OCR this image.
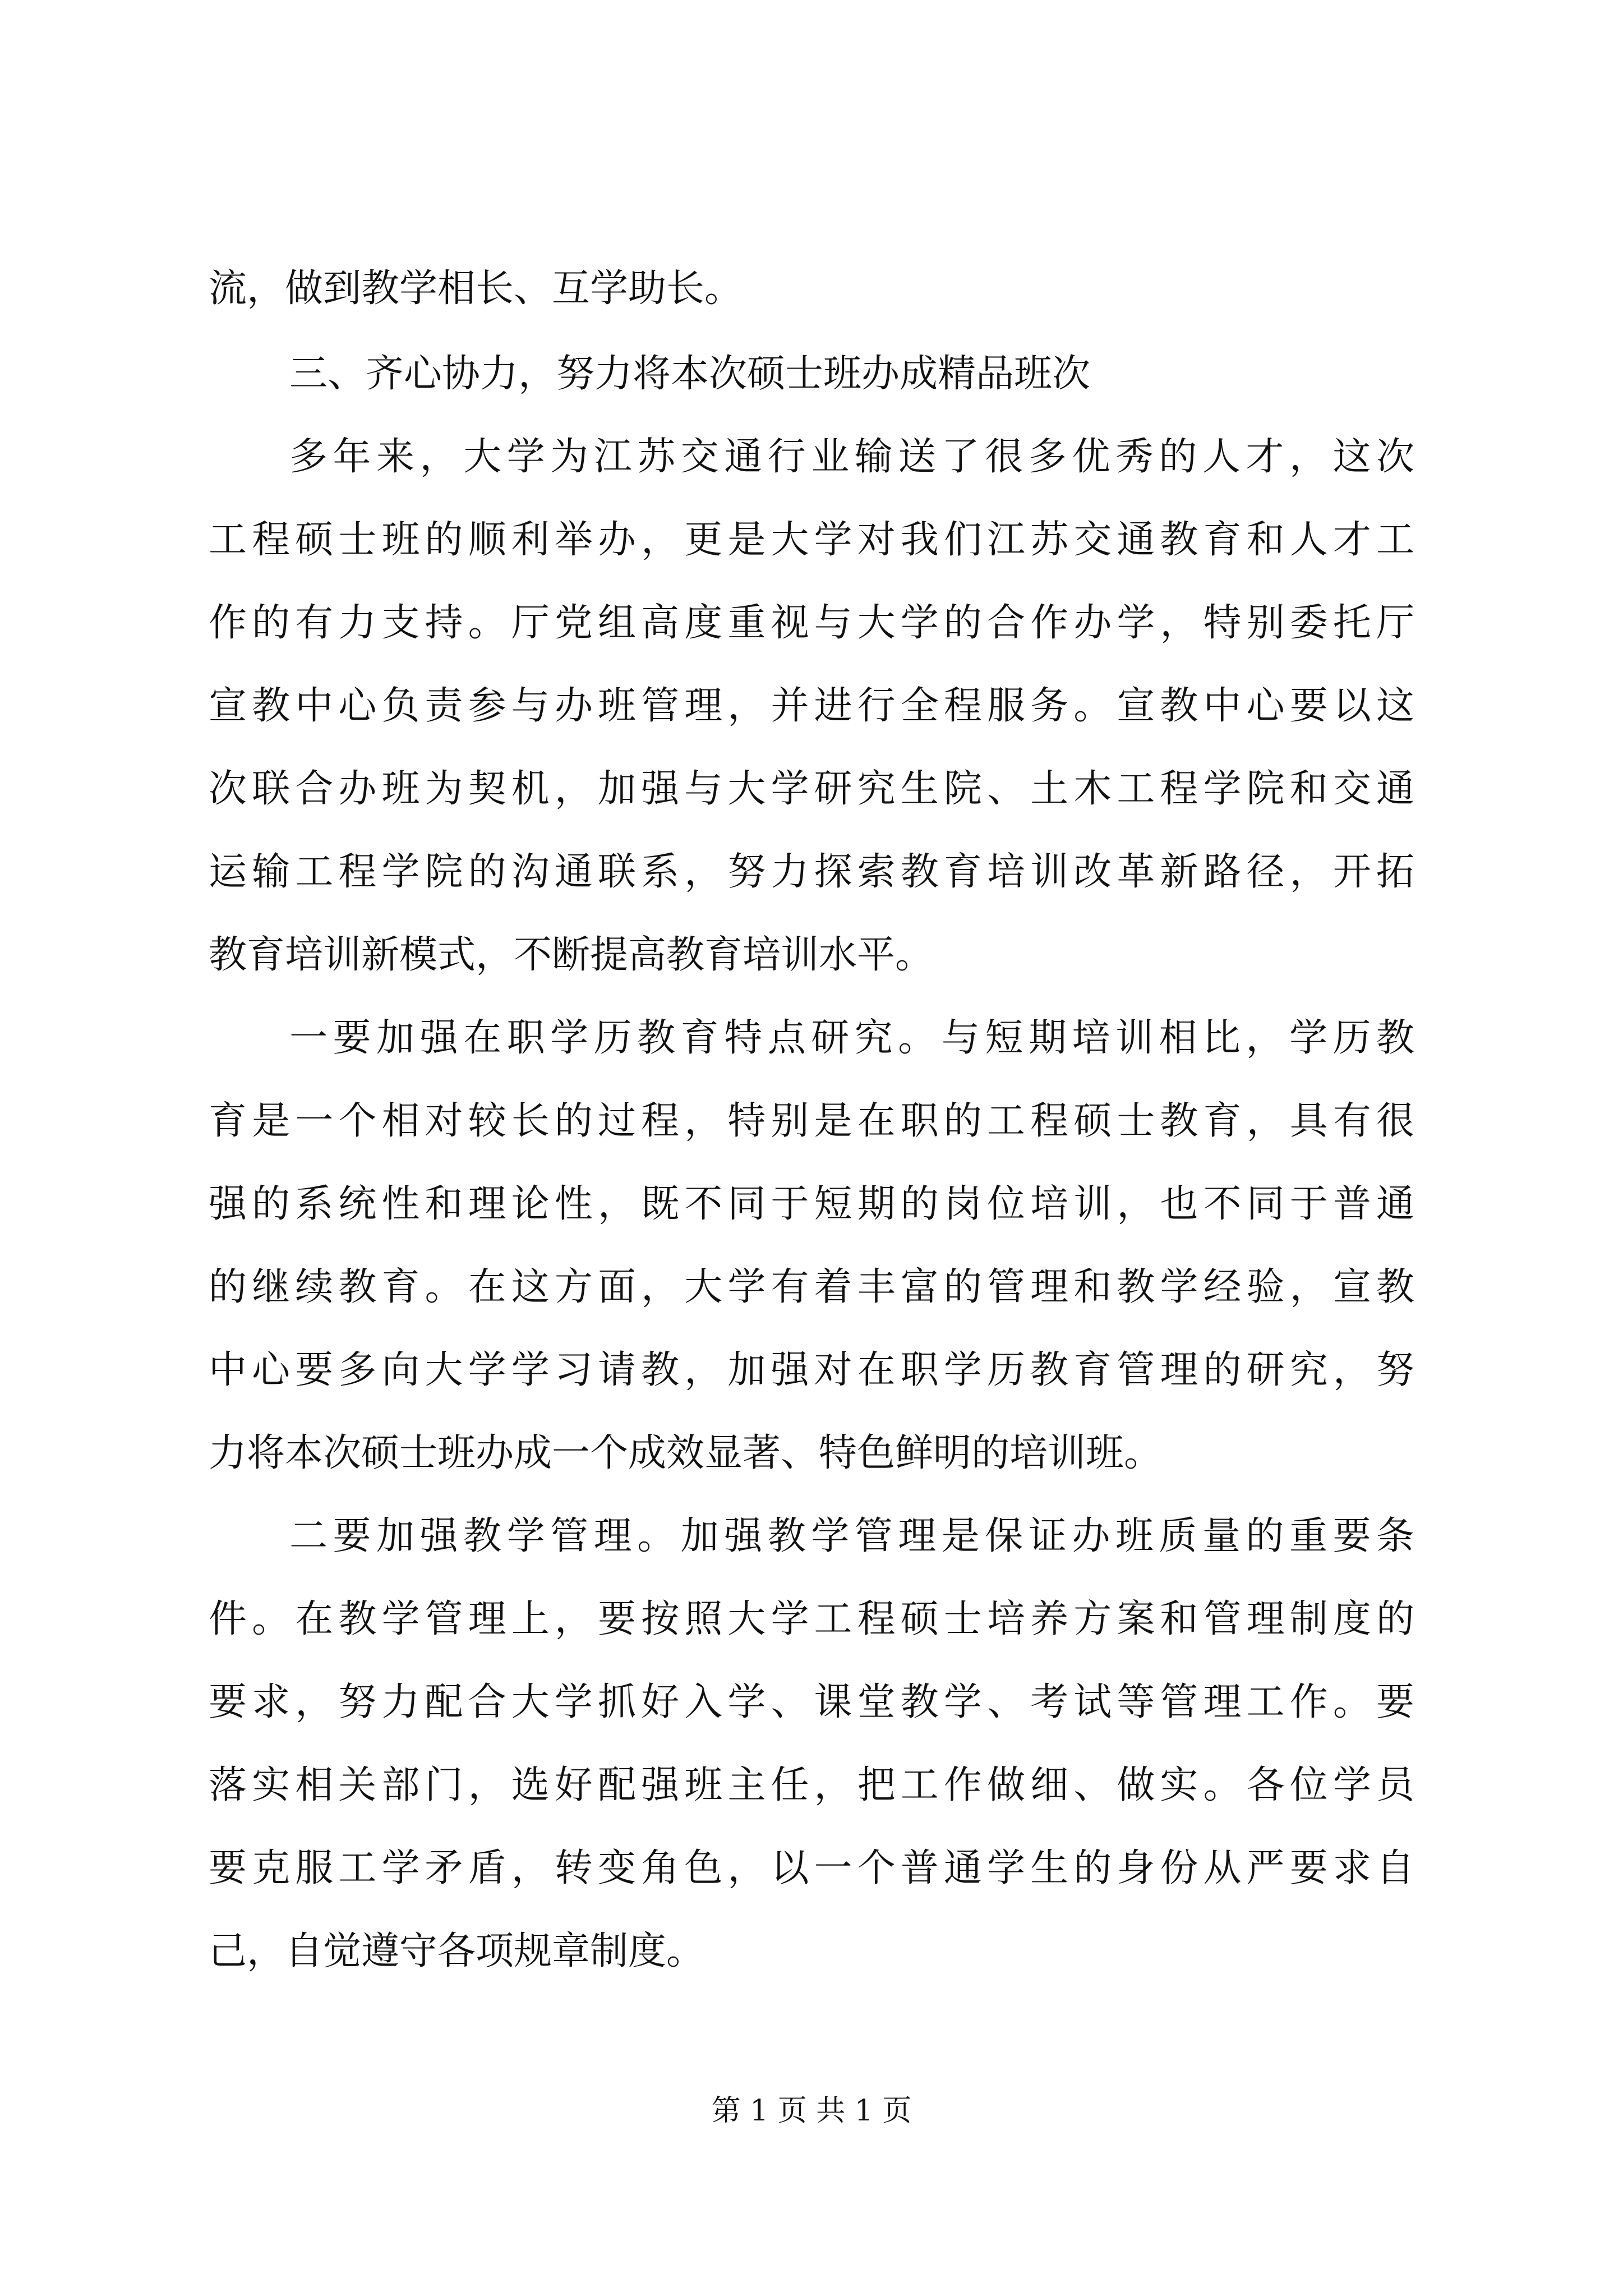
流，做到教学相长、互学助长。
三、齐心协力，努力将本次硕士班办成精品班次
多年来，大学为江苏交通行业输送了很多优秀的人才，这次
工程硕士班的顺利举办，更是大学对我们江苏交通教育和人才工
作的有力支持。厅党组高度重视与大学的合作办学，特别委托厅
宣教中心负责参与办班管理，并进行全程服务。宣教中心要以这
次联合办班为契机，加强与大学研究生院、土木工程学院和交通
运输工程学院的沟通联系，努力探索教育培训改革新路径，开拓
教育培训新模式，不断提高教育培训水平。
一要加强在职学历教育特点研究。与短期培训相比，学历教
育是一个相对较长的过程，特别是在职的工程硕士教育，具有很
强的系统性和理论性，既不同于短期的岗位培训，也不同于普通
的继续教育。在这方面，大学有着丰富的管理和教学经验，宣教
中心要多向大学学习请教，加强对在职学历教育管理的研究，努
力将本次硕士班办成一个成效显著、特色鲜明的培训班。
二要加强教学管理。加强教学管理是保证办班质量的重要条
件。在教学管理上，要按照大学工程硕士培养方案和管理制度的
要求，努力配合大学抓好入学、课堂教学、考试等管理工作。要
落实相关部门，选好配强班主任，把工作做细、做实。各位学员
要克服工学矛盾，转变角色，以一个普通学生的身份从严要求自
己，自觉遵守各项规章制度。
第 1 页 共 1 页
